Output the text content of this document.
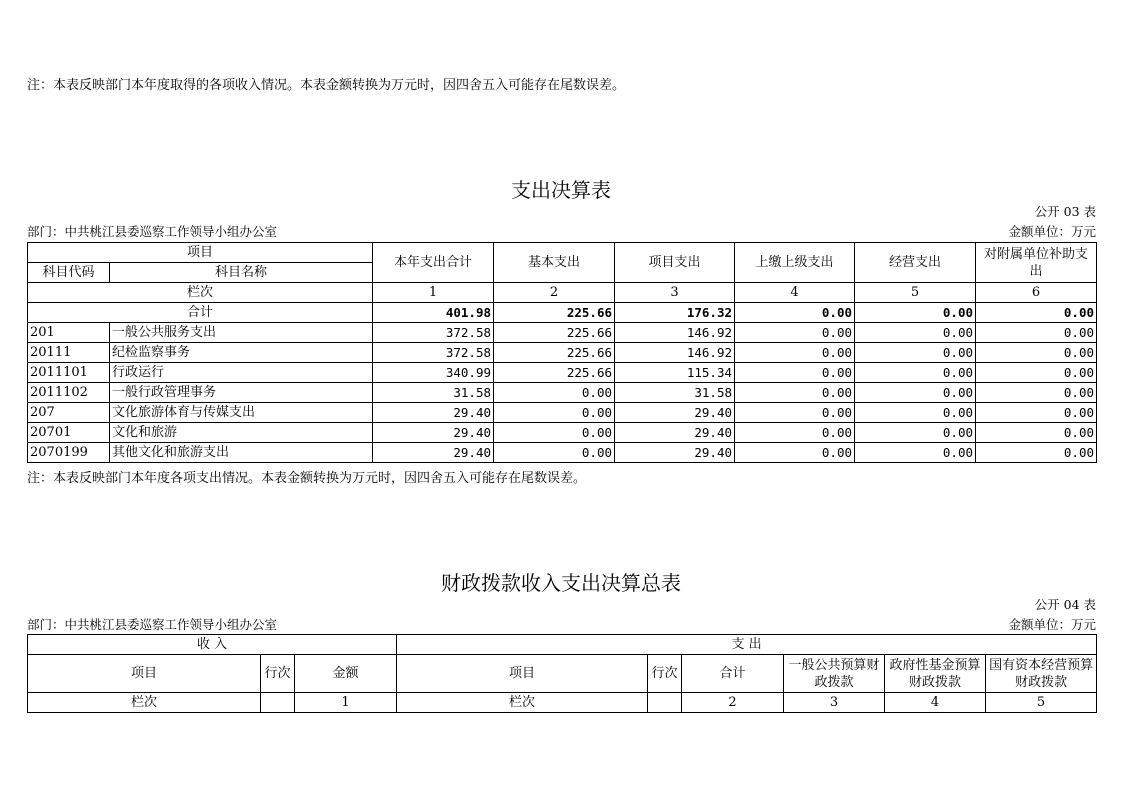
注：本表反映部门本年度取得的各项收入情况。本表金额转换为万元时，因四舍五入可能存在尾数误差。
支出决算表
公开 03 表
部门：中共桃江县委巡察工作领导小组办公室	金额单位：万元
项目		本年支出合计	基本支出	项目支出	上缴上级支出	经营支出	对附属单位补助支出
科目代码	科目名称						
栏次		1	2	3	4	5	6
合计		401.98	225.66	176.32	0.00	0.00	0.00
201	一般公共服务支出	372.58	225.66	146.92	0.00	0.00	0.00
20111	纪检监察事务	372.58	225.66	146.92	0.00	0.00	0.00
2011101	行政运行	340.99	225.66	115.34	0.00	0.00	0.00
2011102	一般行政管理事务	31.58	0.00	31.58	0.00	0.00	0.00
207	文化旅游体育与传媒支出	29.40	0.00	29.40	0.00	0.00	0.00
20701	文化和旅游	29.40	0.00	29.40	0.00	0.00	0.00
2070199	其他文化和旅游支出	29.40	0.00	29.40	0.00	0.00	0.00
注：本表反映部门本年度各项支出情况。本表金额转换为万元时，因四舍五入可能存在尾数误差。
财政拨款收入支出决算总表
公开 04 表
部门：中共桃江县委巡察工作领导小组办公室	金额单位：万元
收 入			支 出					
项目	行次	金额	项目	行次	合计	一般公共预算财政拨款	政府性基金预算财政拨款	国有资本经营预算财政拨款
栏次		1	栏次		2	3	4	5
